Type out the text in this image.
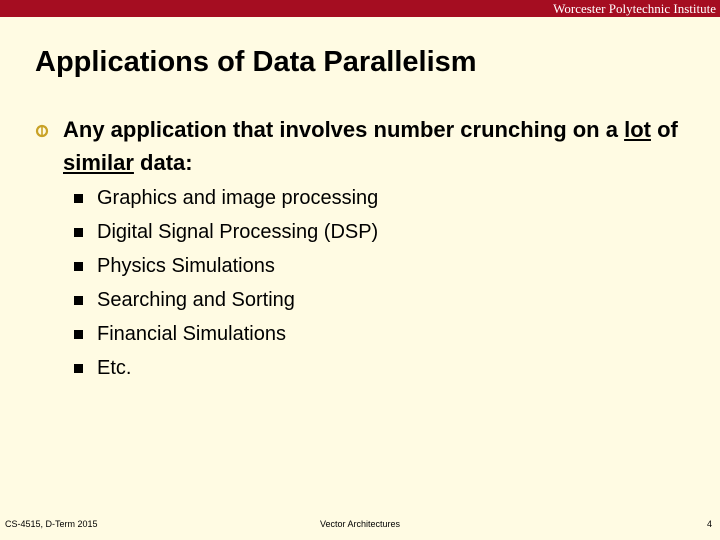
Worcester Polytechnic Institute
Applications of Data Parallelism
Any application that involves number crunching on a lot of similar data:
Graphics and image processing
Digital Signal Processing (DSP)
Physics Simulations
Searching and Sorting
Financial Simulations
Etc.
CS-4515, D-Term 2015	Vector Architectures	4
